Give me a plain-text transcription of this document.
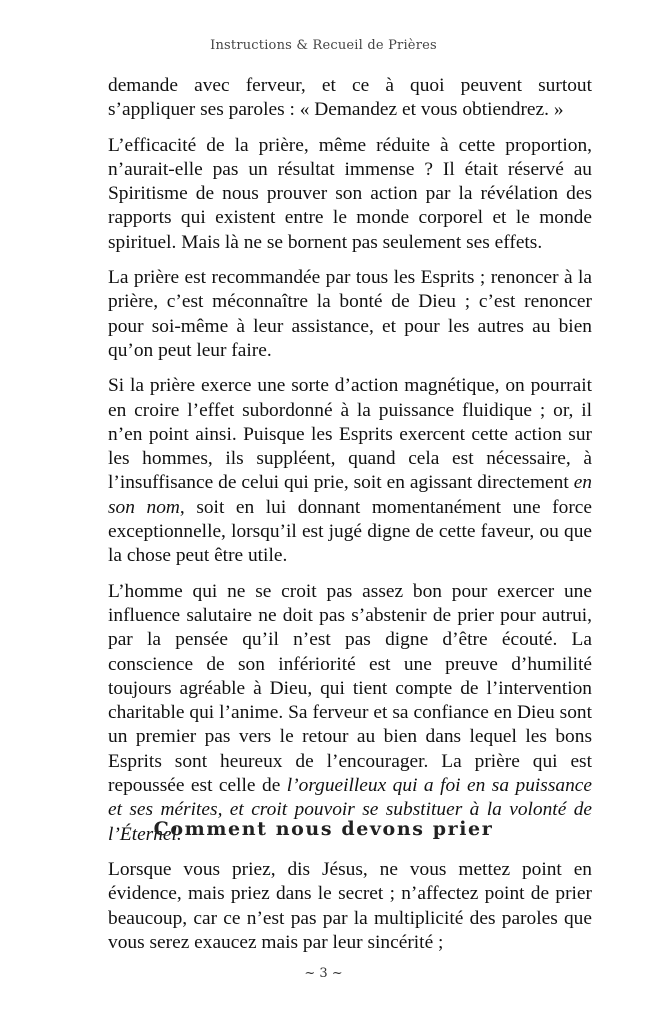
Instructions & Recueil de Prières

demande avec ferveur, et ce à quoi peuvent surtout s’appliquer ses paroles : « Demandez et vous obtiendrez. »

L’efficacité de la prière, même réduite à cette proportion, n’aurait-elle pas un résultat immense ? Il était réservé au Spiritisme de nous prouver son action par la révélation des rapports qui existent entre le monde corporel et le monde spirituel. Mais là ne se bornent pas seulement ses effets.

La prière est recommandée par tous les Esprits ; renoncer à la prière, c’est méconnaître la bonté de Dieu ; c’est renoncer pour soi-même à leur assistance, et pour les autres au bien qu’on peut leur faire.

Si la prière exerce une sorte d’action magnétique, on pourrait en croire l’effet subordonné à la puissance fluidique ; or, il n’en point ainsi. Puisque les Esprits exercent cette action sur les hommes, ils suppléent, quand cela est nécessaire, à l’insuffisance de celui qui prie, soit en agissant directement en son nom, soit en lui donnant momentanément une force exceptionnelle, lorsqu’il est jugé digne de cette faveur, ou que la chose peut être utile.

L’homme qui ne se croit pas assez bon pour exercer une influence salutaire ne doit pas s’abstenir de prier pour autrui, par la pensée qu’il n’est pas digne d’être écouté. La conscience de son infériorité est une preuve d’humilité toujours agréable à Dieu, qui tient compte de l’intervention charitable qui l’anime. Sa ferveur et sa confiance en Dieu sont un premier pas vers le retour au bien dans lequel les bons Esprits sont heureux de l’encourager. La prière qui est repoussée est celle de l’orgueilleux qui a foi en sa puissance et ses mérites, et croit pouvoir se substituer à la volonté de l’Éternel.

Comment nous devons prier

Lorsque vous priez, dis Jésus, ne vous mettez point en évidence, mais priez dans le secret ; n’affectez point de prier beaucoup, car ce n’est pas par la multiplicité des paroles que vous serez exaucez mais par leur sincérité ;

~ 3 ~
